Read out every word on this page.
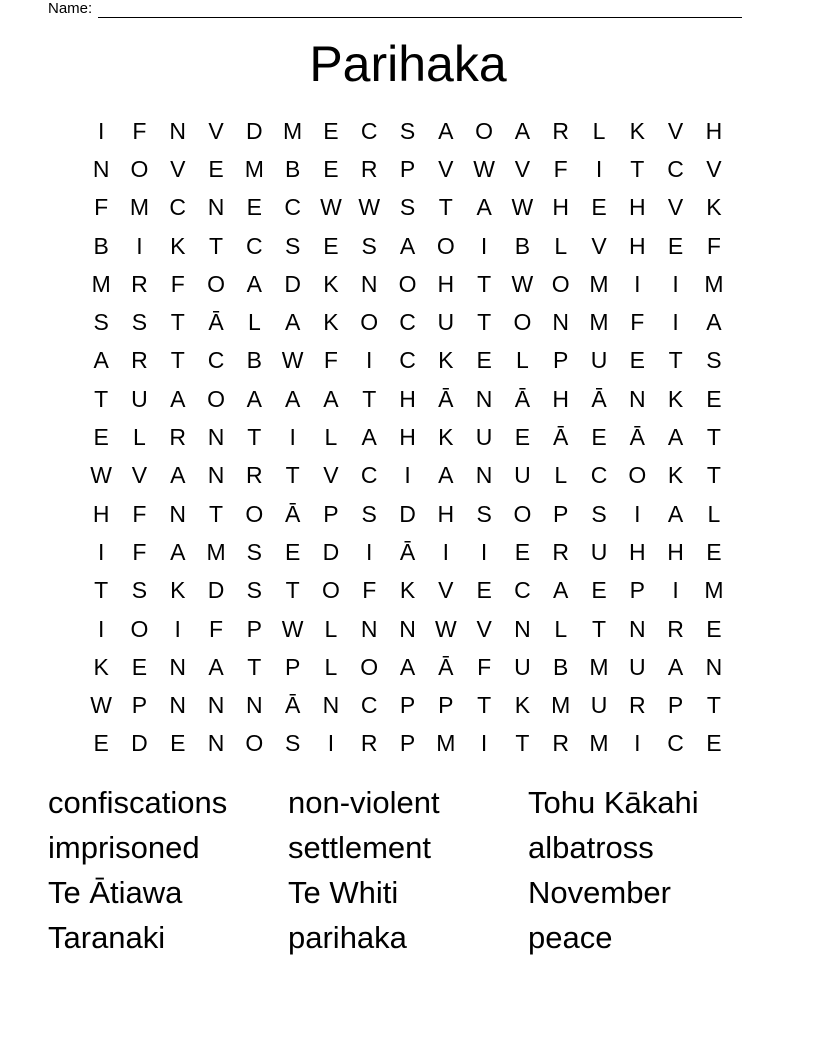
Name:
Parihaka
I	F N V D M E C S A O A R	L	K V H
N O V E M B E R P V W V	F	I	T C V
F M C N E C W W S	T	A W H E H V K
B	I	K	T C S E S A O	I	B	L	V H E	F
M R F O A D K N O H T W O M	I	I	M
S S	T	Ā	L	A K O C U T O N M F	I	A
A R T C B W F	I	C K E	L	P U E	T	S
T U A O A A A	T H Ā N Ā H Ā N K E
E	L	R N T	I	L	A H K U E Ā E Ā A	T
W V A N R T	V C	I	A N U	L	C O K	T
H F N T O Ā P S D H S O P S	I	A	L
I	F	A M S E D	I	Ā	I	I	E R U H H E
T	S K D S	T O F	K V E C A E P	I	M
I	O	I	F	P W L	N N W V N	L	T N R E
K E N A	T	P	L O A Ā	F U B M U A N
W P N N N Ā N C P P	T	K M U R P	T
E D E N O S	I	R P M	I	T R M	I	C E
confiscations	non-violent	Tohu Kākahi
imprisoned	settlement	albatross
Te Ātiawa	Te Whiti	November
Taranaki	parihaka	peace
